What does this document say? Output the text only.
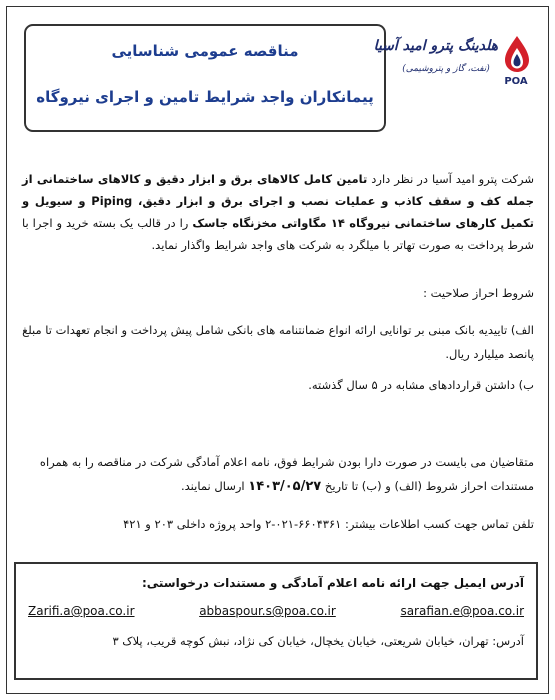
مناقصه عمومی شناسایی
پیمانکاران واجد شرایط تامین و اجرای نیروگاه
هلدینگ پترو امید آسیا
(نفت، گاز و پتروشیمی)
POA

شرکت پترو امید آسیا در نظر دارد تامین کامل کالاهای برق و ابزار دقیق و کالاهای ساختمانی از جمله کف و سقف کاذب و عملیات نصب و اجرای برق و ابزار دقیق، Piping و سیویل و تکمیل کارهای ساختمانی نیروگاه ۱۴ مگاواتی مخزنگاه جاسک را در قالب یک بسته خرید و اجرا با شرط پرداخت به صورت تهاتر با میلگرد به شرکت های واجد شرایط واگذار نماید.

شروط احراز صلاحیت :

الف) تاییدیه بانک مبنی بر توانایی ارائه انواع ضمانتنامه های بانکی شامل پیش پرداخت و انجام تعهدات تا مبلغ پانصد میلیارد ریال.

ب) داشتن قراردادهای مشابه در ۵ سال گذشته.

متقاضیان می بایست در صورت دارا بودن شرایط فوق، نامه اعلام آمادگی شرکت در مناقصه را به همراه مستندات احراز شروط (الف) و (ب) تا تاریخ ۱۴۰۳/۰۵/۲۷ ارسال نمایند.

تلفن تماس جهت کسب اطلاعات بیشتر: ۶۶۰۴۳۶۱-۰۲۱-۲ واحد پروژه داخلی ۲۰۳ و ۴۲۱

آدرس ایمیل جهت ارائه نامه اعلام آمادگی و مستندات درخواستی:
Zarifi.a@poa.co.ir	abbaspour.s@poa.co.ir	sarafian.e@poa.co.ir
آدرس: تهران، خیابان شریعتی، خیابان یخچال، خیابان کی نژاد، نبش کوچه قریب، پلاک ۳
